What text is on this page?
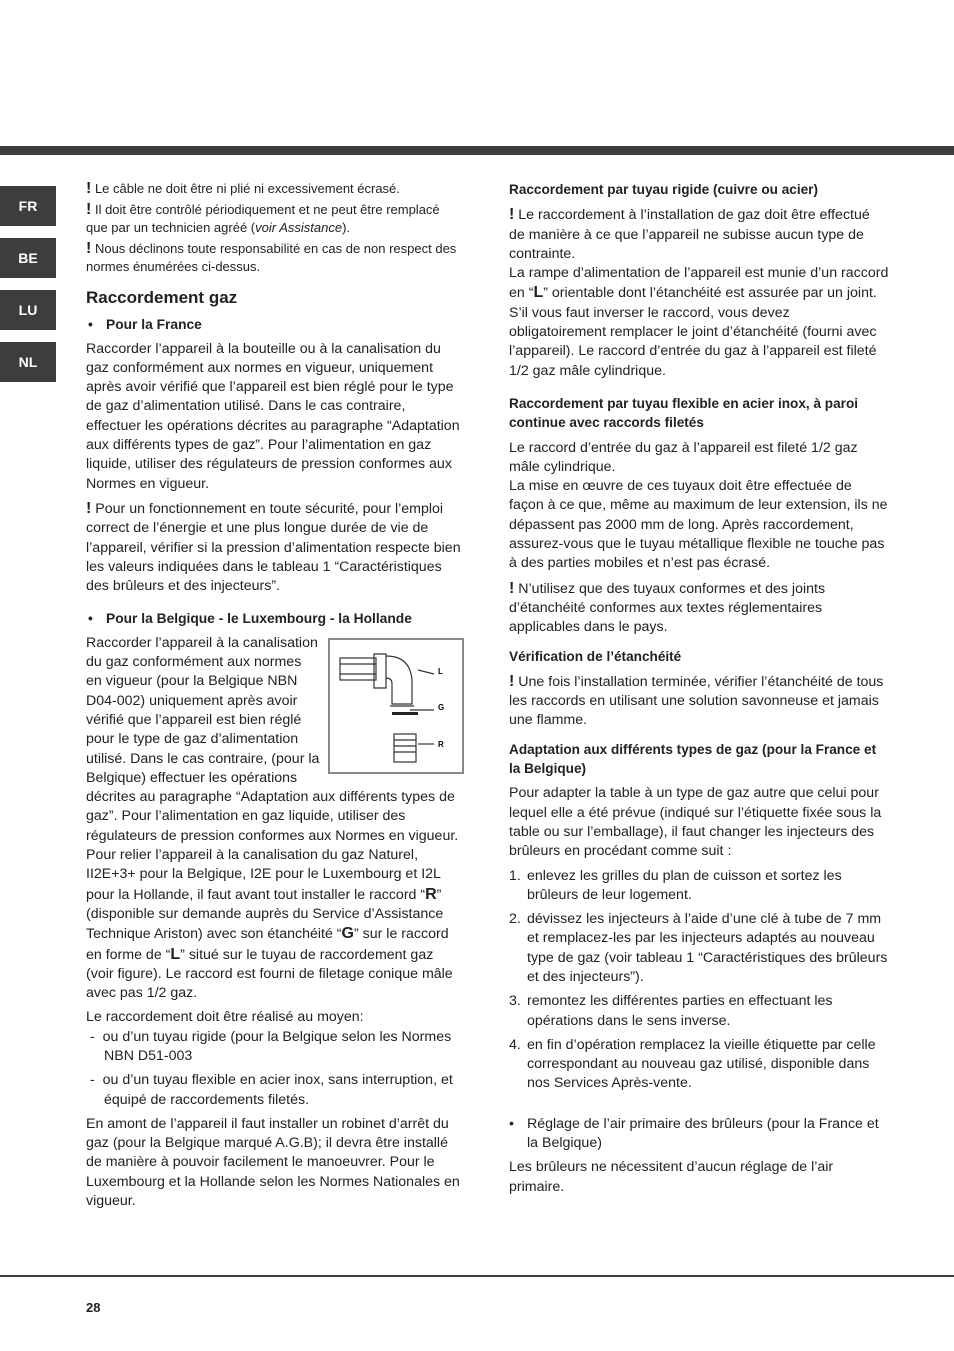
FR
BE
LU
NL

! Le câble ne doit être ni plié ni excessivement écrasé.

! Il doit être contrôlé périodiquement et ne peut être remplacé que par un technicien agréé (voir Assistance).

! Nous déclinons toute responsabilité en cas de non respect des normes énumérées ci-dessus.

Raccordement gaz
• Pour la France

Raccorder l’appareil à la bouteille ou à la canalisation du gaz conformément aux normes en vigueur, uniquement après avoir vérifié que l’appareil est bien réglé pour le type de gaz d’alimentation utilisé. Dans le cas contraire, effectuer les opérations décrites au paragraphe “Adaptation aux différents types de gaz”. Pour l’alimentation en gaz liquide, utiliser des régulateurs de pression conformes aux Normes en vigueur.

! Pour un fonctionnement en toute sécurité, pour l’emploi correct de l’énergie et une plus longue durée de vie de l’appareil, vérifier si la pression d’alimentation respecte bien les valeurs indiquées dans le tableau 1 “Caractéristiques des brûleurs et des injecteurs”.

• Pour la Belgique - le Luxembourg - la Hollande
L
G
R

Raccorder l’appareil à la canalisation du gaz conformément aux normes en vigueur (pour la Belgique NBN D04-002) uniquement après avoir vérifié que l’appareil est bien réglé pour le type de gaz d’alimentation utilisé. Dans le cas contraire, (pour la Belgique) effectuer les opérations décrites au paragraphe “Adaptation aux différents types de gaz”. Pour l’alimentation en gaz liquide, utiliser des régulateurs de pression conformes aux Normes en vigueur. Pour relier l’appareil à la canalisation du gaz Naturel, II2E+3+ pour la Belgique, I2E pour le Luxembourg et I2L pour la Hollande, il faut avant tout installer le raccord “R” (disponible sur demande auprès du Service d’Assistance Technique Ariston) avec son étanchéité “G” sur le raccord en forme de “L” situé sur le tuyau de raccordement gaz (voir figure). Le raccord est fourni de filetage conique mâle avec pas 1/2 gaz.

Le raccordement doit être réalisé au moyen:

-  ou d’un tuyau rigide (pour la Belgique selon les Normes NBN D51-003

-  ou d’un tuyau flexible en acier inox, sans interruption, et équipé de raccordements filetés.

En amont de l’appareil il faut installer un robinet d’arrêt du gaz (pour la Belgique marqué A.G.B); il devra être installé de manière à pouvoir facilement le manoeuvrer. Pour le Luxembourg et la Hollande selon les Normes Nationales en vigueur.

Raccordement par tuyau rigide (cuivre ou acier)

! Le raccordement à l’installation de gaz doit être effectué de manière à ce que l’appareil ne subisse aucun type de contrainte.

La rampe d’alimentation de l’appareil est munie d’un raccord en “L” orientable dont l’étanchéité est assurée par un joint. S’il vous faut inverser le raccord, vous devez obligatoirement remplacer le joint d’étanchéité (fourni avec l’appareil). Le raccord d’entrée du gaz à l’appareil est fileté 1/2 gaz mâle cylindrique.

Raccordement par tuyau flexible en acier inox, à paroi continue avec raccords filetés

Le raccord d’entrée du gaz à l’appareil est fileté 1/2 gaz mâle cylindrique.

La mise en œuvre de ces tuyaux doit être effectuée de façon à ce que, même au maximum de leur extension, ils ne dépassent pas 2000 mm de long. Après raccordement, assurez-vous que le tuyau métallique flexible ne touche pas à des parties mobiles et n’est pas écrasé.

! N’utilisez que des tuyaux conformes et des joints d’étanchéité conformes aux textes réglementaires applicables dans le pays.

Vérification de l’étanchéité

! Une fois l’installation terminée, vérifier l’étanchéité de tous les raccords en utilisant une solution savonneuse et jamais une flamme.

Adaptation aux différents types de gaz (pour la France et la Belgique)

Pour adapter la table à un type de gaz autre que celui pour lequel elle a été prévue (indiqué sur l’étiquette fixée sous la table ou sur l’emballage), il faut changer les injecteurs des brûleurs en procédant comme suit :

1. enlevez les grilles du plan de cuisson et sortez les brûleurs de leur logement.

2. dévissez les injecteurs à l’aide d’une clé à tube de 7 mm et remplacez-les par les injecteurs adaptés au nouveau type de gaz (voir tableau 1 “Caractéristiques des brûleurs et des injecteurs”).

3. remontez les différentes parties en effectuant les opérations dans le sens inverse.

4. en fin d’opération remplacez la vieille étiquette par celle correspondant au nouveau gaz utilisé, disponible dans nos Services Après-vente.

• Réglage de l’air primaire des brûleurs (pour la France et la Belgique)

Les brûleurs ne nécessitent d’aucun réglage de l’air primaire.

28
